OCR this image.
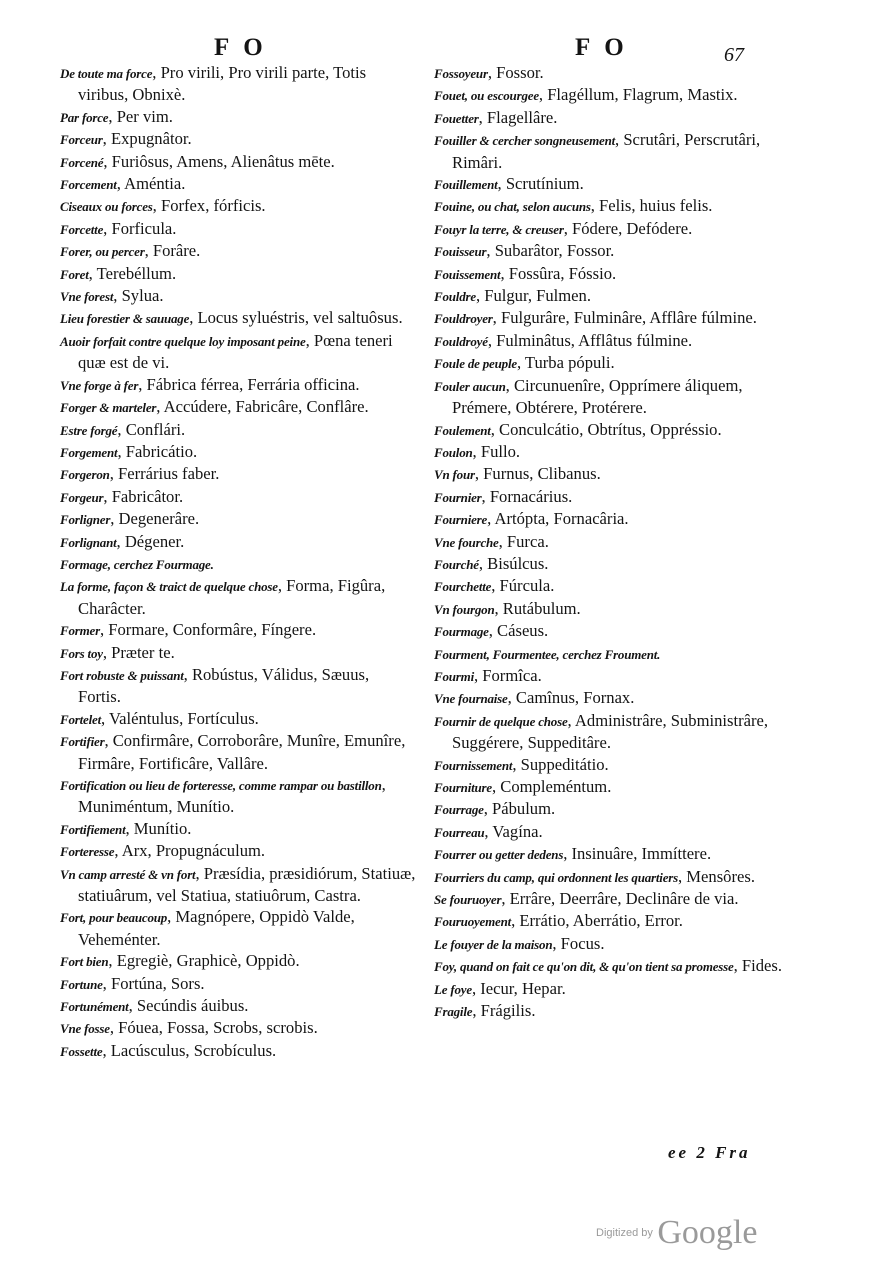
FO	FO	67

De toute ma force, Pro virili, Pro virili parte, Totis viribus, Obnixè.

Par force, Per vim.

Forceur, Expugnâtor.

Forcené, Furiôsus, Amens, Alienâtus mēte.

Forcement, Améntia.

Ciseaux ou forces, Forfex, fórficis.

Forcette, Forficula.

Forer, ou percer, Forâre.

Foret, Terebéllum.

Vne forest, Sylua.

Lieu forestier & sauuage, Locus syluéstris, vel saltuôsus.

Auoir forfait contre quelque loy imposant peine, Pœna teneri quæ est de vi.

Vne forge à fer, Fábrica férrea, Ferrária officina.

Forger & marteler, Accúdere, Fabricâre, Conflâre.

Estre forgé, Conflári.

Forgement, Fabricátio.

Forgeron, Ferrárius faber.

Forgeur, Fabricâtor.

Forligner, Degenerâre.

Forlignant, Dégener.

Formage, cerchez Fourmage.

La forme, façon & traict de quelque chose, Forma, Figûra, Charâcter.

Former, Formare, Conformâre, Fíngere.

Fors toy, Præter te.

Fort robuste & puissant, Robústus, Válidus, Sæuus, Fortis.

Fortelet, Valéntulus, Fortículus.

Fortifier, Confirmâre, Corroborâre, Munîre, Emunîre, Firmâre, Fortificâre, Vallâre.

Fortification ou lieu de forteresse, comme rampar ou bastillon, Muniméntum, Munítio.

Fortifiement, Munítio.

Forteresse, Arx, Propugnáculum.

Vn camp arresté & vn fort, Præsídia, præsidiórum, Statiuæ, statiuârum, vel Statiua, statiuôrum, Castra.

Fort, pour beaucoup, Magnópere, Oppidò Valde, Veheménter.

Fort bien, Egregiè, Graphicè, Oppidò.

Fortune, Fortúna, Sors.

Fortunément, Secúndis áuibus.

Vne fosse, Fóuea, Fossa, Scrobs, scrobis.

Fossette, Lacúsculus, Scrobículus.

Fossoyeur, Fossor.

Fouet, ou escourgee, Flagéllum, Flagrum, Mastix.

Fouetter, Flagellâre.

Fouiller & cercher songneusement, Scrutâri, Perscrutâri, Rimâri.

Fouillement, Scrutínium.

Fouine, ou chat, selon aucuns, Felis, huius felis.

Fouyr la terre, & creuser, Fódere, Defódere.

Fouisseur, Subarâtor, Fossor.

Fouissement, Fossûra, Fóssio.

Fouldre, Fulgur, Fulmen.

Fouldroyer, Fulgurâre, Fulminâre, Afflâre fúlmine.

Fouldroyé, Fulminâtus, Afflâtus fúlmine.

Foule de peuple, Turba pópuli.

Fouler aucun, Circunuenîre, Opprímere áliquem, Prémere, Obtérere, Protérere.

Foulement, Conculcátio, Obtrítus, Oppréssio.

Foulon, Fullo.

Vn four, Furnus, Clibanus.

Fournier, Fornacárius.

Fourniere, Artópta, Fornacâria.

Vne fourche, Furca.

Fourché, Bisúlcus.

Fourchette, Fúrcula.

Vn fourgon, Rutábulum.

Fourmage, Cáseus.

Fourment, Fourmentee, cerchez Froument.

Fourmi, Formîca.

Vne fournaise, Camînus, Fornax.

Fournir de quelque chose, Administrâre, Subministrâre, Suggérere, Suppeditâre.

Fournissement, Suppeditátio.

Fourniture, Compleméntum.

Fourrage, Pábulum.

Fourreau, Vagína.

Fourrer ou getter dedens, Insinuâre, Immíttere.

Fourriers du camp, qui ordonnent les quartiers, Mensôres.

Se fouruoyer, Errâre, Deerrâre, Declinâre de via.

Fouruoyement, Errátio, Aberrátio, Error.

Le fouyer de la maison, Focus.

Foy, quand on fait ce qu'on dit, & qu'on tient sa promesse, Fides.

Le foye, Iecur, Hepar.

Fragile, Frágilis.

ee 2 Fra
Digitized by Google
